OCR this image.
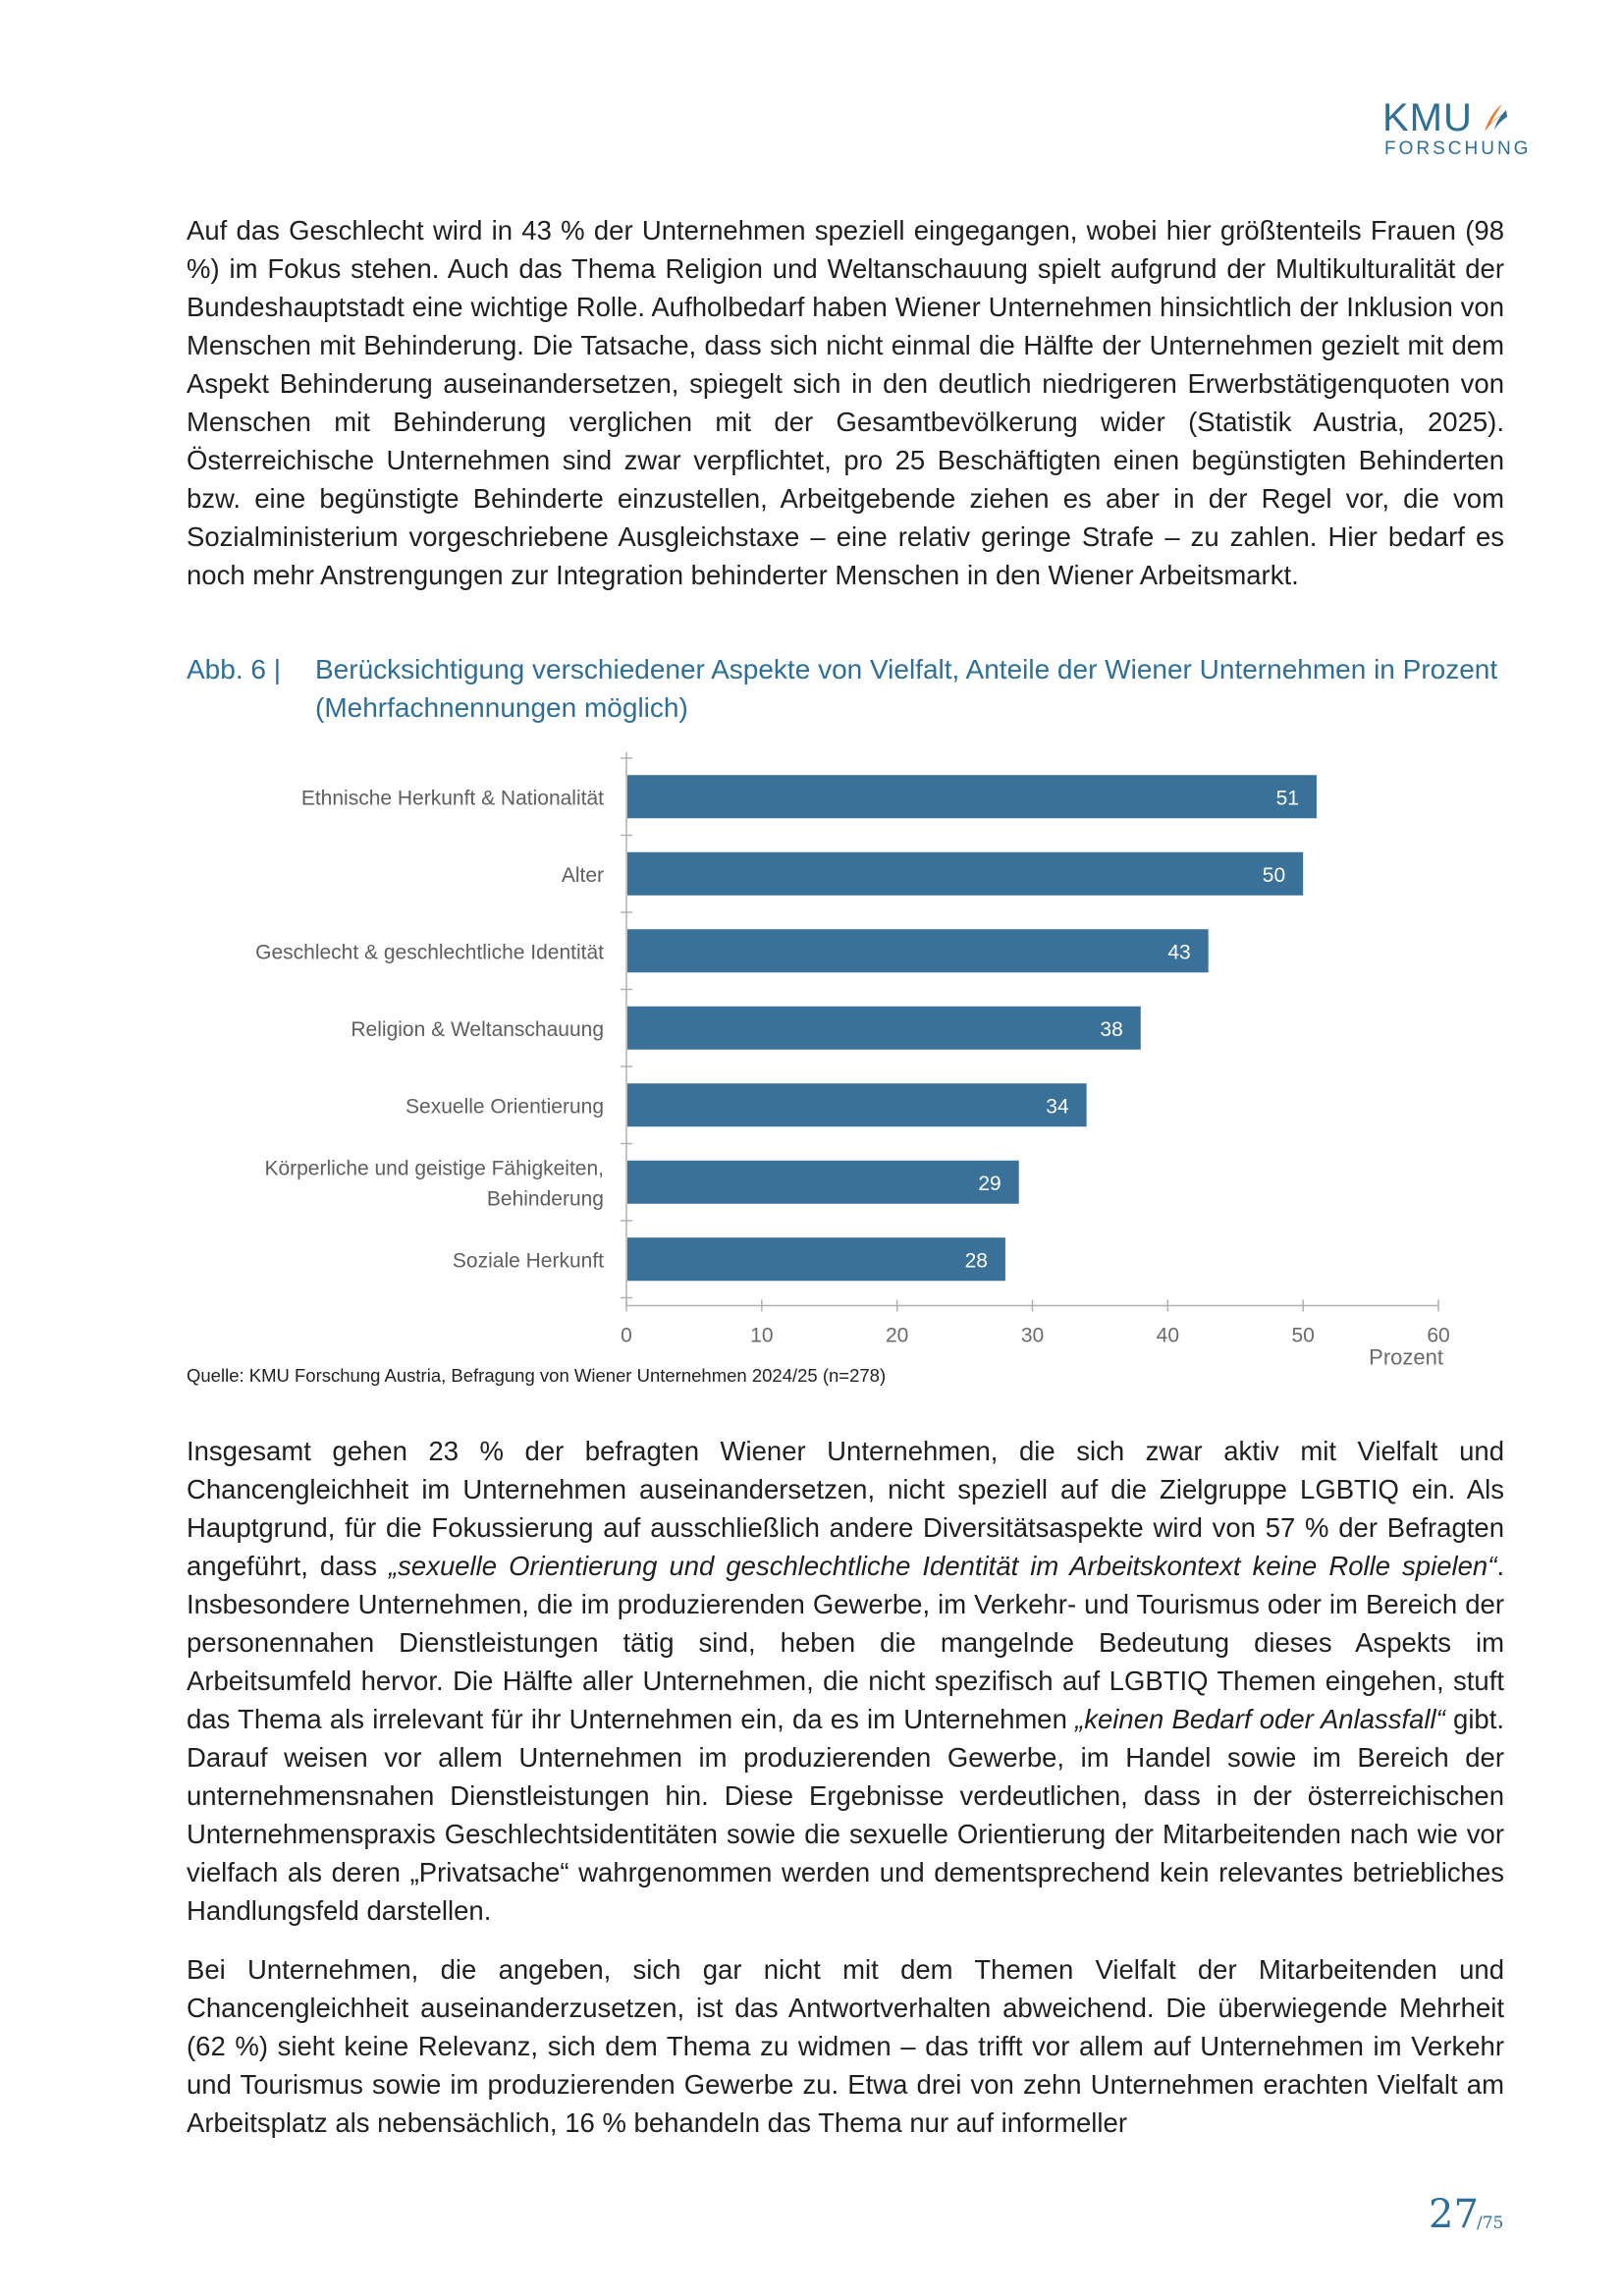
KMU
FORSCHUNG

Auf das Geschlecht wird in 43 % der Unternehmen speziell eingegangen, wobei hier größtenteils Frauen (98 %) im Fokus stehen. Auch das Thema Religion und Weltanschauung spielt aufgrund der Multikulturalität der Bundeshauptstadt eine wichtige Rolle. Aufholbedarf haben Wiener Unternehmen hinsichtlich der Inklusion von Menschen mit Behinderung. Die Tatsache, dass sich nicht einmal die Hälfte der Unternehmen gezielt mit dem Aspekt Behinderung auseinandersetzen, spiegelt sich in den deutlich niedrigeren Erwerbstätigenquoten von Menschen mit Behinderung verglichen mit der Gesamtbevölkerung wider (Statistik Austria, 2025). Österreichische Unternehmen sind zwar verpflichtet, pro 25 Beschäftigten einen begünstigten Behinderten bzw. eine begünstigte Behinderte einzustellen, Arbeitgebende ziehen es aber in der Regel vor, die vom Sozialministerium vorgeschriebene Ausgleichstaxe – eine relativ geringe Strafe – zu zahlen. Hier bedarf es noch mehr Anstrengungen zur Integration behinderter Menschen in den Wiener Arbeitsmarkt.

Abb. 6 | Berücksichtigung verschiedener Aspekte von Vielfalt, Anteile der Wiener Unternehmen in Prozent (Mehrfachnennungen möglich)
0	10	20	30	40	50	60
Prozent
51
Ethnische Herkunft & Nationalität
50
Alter
43
Geschlecht & geschlechtliche Identität
38
Religion & Weltanschauung
34
Sexuelle Orientierung
29
Körperliche und geistige Fähigkeiten,
Behinderung
28
Soziale Herkunft
Quelle: KMU Forschung Austria, Befragung von Wiener Unternehmen 2024/25 (n=278)

Insgesamt gehen 23 % der befragten Wiener Unternehmen, die sich zwar aktiv mit Vielfalt und Chancengleichheit im Unternehmen auseinandersetzen, nicht speziell auf die Zielgruppe LGBTIQ ein. Als Hauptgrund, für die Fokussierung auf ausschließlich andere Diversitätsaspekte wird von 57 % der Befragten angeführt, dass „sexuelle Orientierung und geschlechtliche Identität im Arbeitskontext keine Rolle spielen“. Insbesondere Unternehmen, die im produzierenden Gewerbe, im Verkehr- und Tourismus oder im Bereich der personennahen Dienstleistungen tätig sind, heben die mangelnde Bedeutung dieses Aspekts im Arbeitsumfeld hervor. Die Hälfte aller Unternehmen, die nicht spezifisch auf LGBTIQ Themen eingehen, stuft das Thema als irrelevant für ihr Unternehmen ein, da es im Unternehmen „keinen Bedarf oder Anlassfall“ gibt. Darauf weisen vor allem Unternehmen im produzierenden Gewerbe, im Handel sowie im Bereich der unternehmensnahen Dienstleistungen hin. Diese Ergebnisse verdeutlichen, dass in der österreichischen Unternehmenspraxis Geschlechtsidentitäten sowie die sexuelle Orientierung der Mitarbeitenden nach wie vor vielfach als deren „Privatsache“ wahrgenommen werden und dementsprechend kein relevantes betriebliches Handlungsfeld darstellen.

Bei Unternehmen, die angeben, sich gar nicht mit dem Themen Vielfalt der Mitarbeitenden und Chancengleichheit auseinanderzusetzen, ist das Antwortverhalten abweichend. Die überwiegende Mehrheit (62 %) sieht keine Relevanz, sich dem Thema zu widmen – das trifft vor allem auf Unternehmen im Verkehr und Tourismus sowie im produzierenden Gewerbe zu. Etwa drei von zehn Unternehmen erachten Vielfalt am Arbeitsplatz als nebensächlich, 16 % behandeln das Thema nur auf informeller

27
/75
